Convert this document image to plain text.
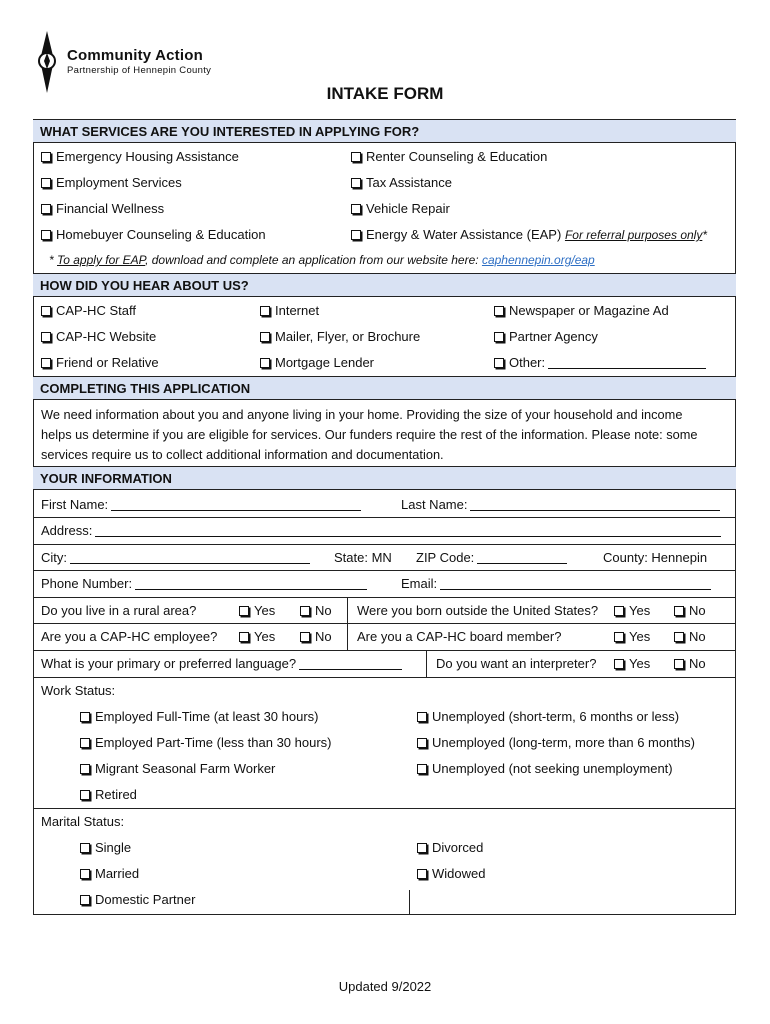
Community Action
Partnership of Hennepin County
INTAKE FORM
WHAT SERVICES ARE YOU INTERESTED IN APPLYING FOR?
Emergency Housing Assistance
Employment Services
Financial Wellness
Homebuyer Counseling & Education
Renter Counseling & Education
Tax Assistance
Vehicle Repair
Energy & Water Assistance (EAP) For referral purposes only*
* To apply for EAP, download and complete an application from our website here: caphennepin.org/eap
HOW DID YOU HEAR ABOUT US?
CAP-HC Staff
CAP-HC Website
Friend or Relative
Internet
Mailer, Flyer, or Brochure
Mortgage Lender
Newspaper or Magazine Ad
Partner Agency
Other:
COMPLETING THIS APPLICATION
We need information about you and anyone living in your home. Providing the size of your household and income
helps us determine if you are eligible for services. Our funders require the rest of the information. Please note: some
services require us to collect additional information and documentation.
YOUR INFORMATION
First Name:	Last Name:
Address:
City:	State: MN ZIP Code:	County: Hennepin
Phone Number:	Email:
Do you live in a rural area?	Yes	No Were you born outside the United States?	Yes	No
Are you a CAP-HC employee?	Yes	No Are you a CAP-HC board member?	Yes	No
What is your primary or preferred language?	Do you want an interpreter?	Yes	No
Work Status:
Employed Full-Time (at least 30 hours)
Employed Part-Time (less than 30 hours)
Migrant Seasonal Farm Worker
Retired
Unemployed (short-term, 6 months or less)
Unemployed (long-term, more than 6 months)
Unemployed (not seeking unemployment)
Marital Status:
Single
Married
Domestic Partner
Divorced
Widowed
Updated 9/2022
